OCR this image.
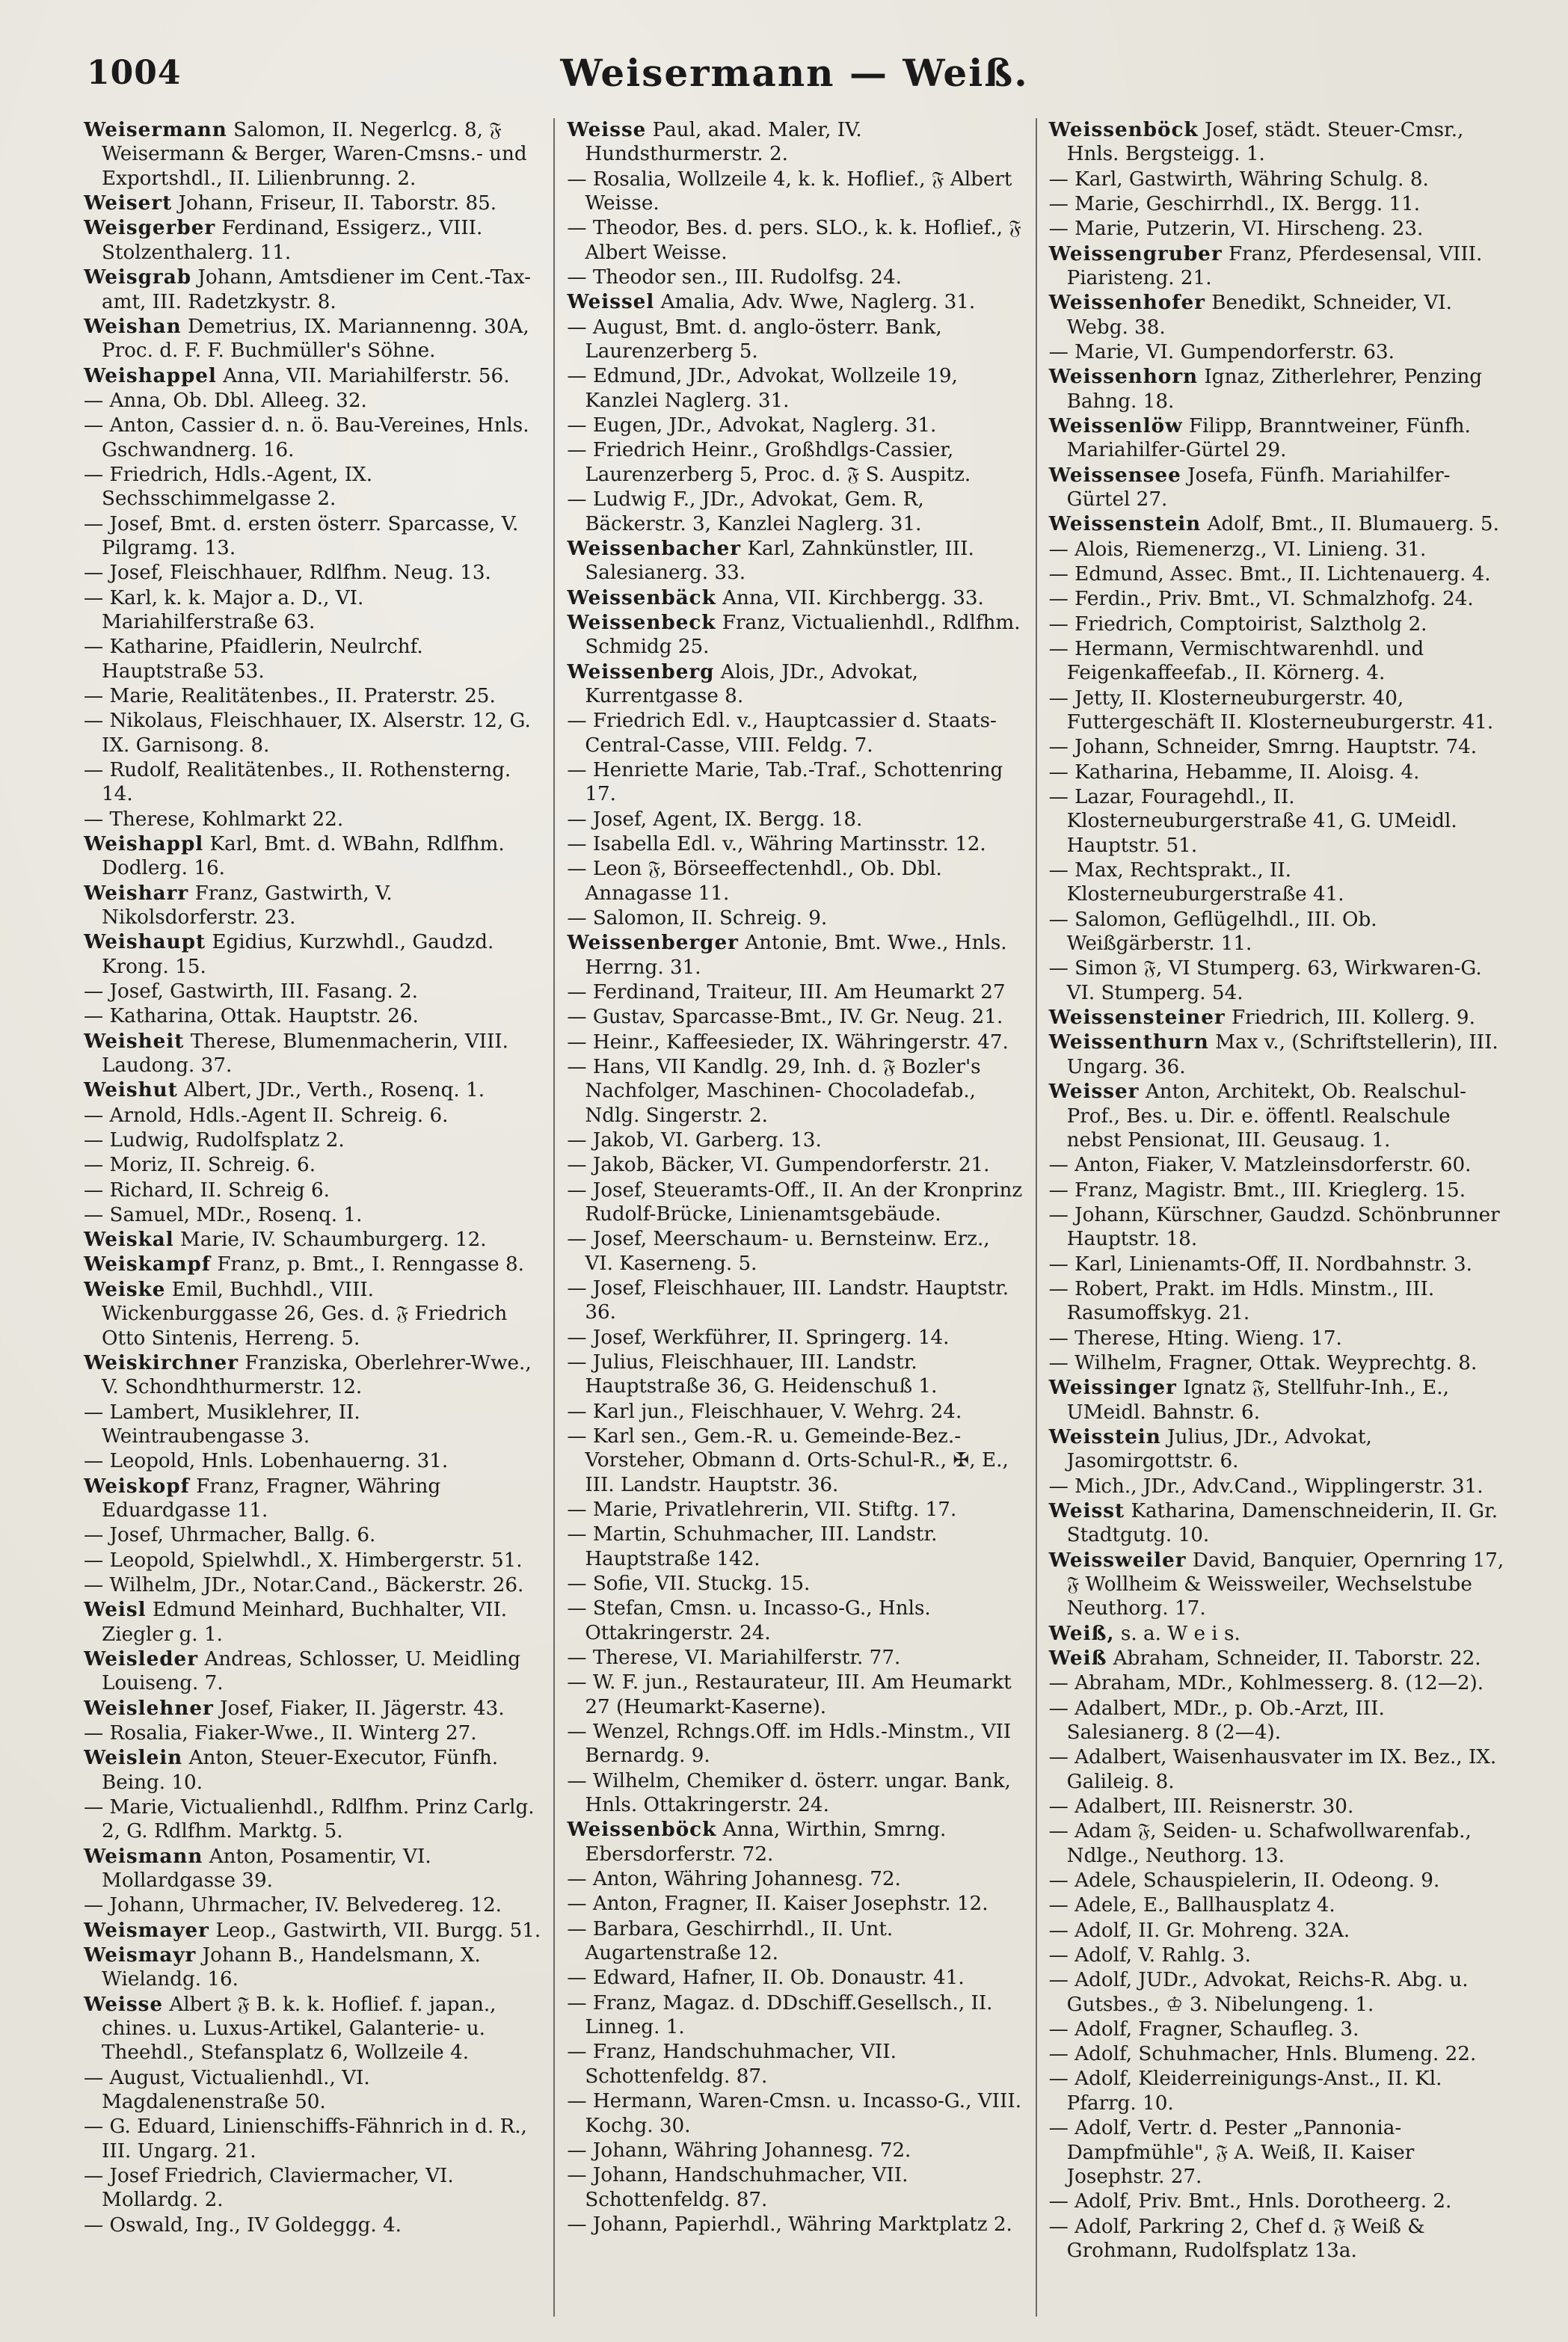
1004	Weisermann — Weiß.
Weisermann Salomon, II. Negerlcg. 8, 𝔉 Weisermann & Berger, Waren-Cmsns.- und Exportshdl., II. Lilienbrunng. 2.
Weisert Johann, Friseur, II. Taborstr. 85.
Weisgerber Ferdinand, Essigerz., VIII. Stolzenthalerg. 11.
Weisgrab Johann, Amtsdiener im Cent.-Tax-amt, III. Radetzkystr. 8.
Weishan Demetrius, IX. Mariannenng. 30A, Proc. d. F. F. Buchmüller's Söhne.
Weishappel Anna, VII. Mariahilferstr. 56.
— Anna, Ob. Dbl. Alleeg. 32.
— Anton, Cassier d. n. ö. Bau-Vereines, Hnls. Gschwandnerg. 16.
— Friedrich, Hdls.-Agent, IX. Sechsschimmelgasse 2.
— Josef, Bmt. d. ersten österr. Sparcasse, V. Pilgramg. 13.
— Josef, Fleischhauer, Rdlfhm. Neug. 13.
— Karl, k. k. Major a. D., VI. Mariahilferstraße 63.
— Katharine, Pfaidlerin, Neulrchf. Hauptstraße 53.
— Marie, Realitätenbes., II. Praterstr. 25.
— Nikolaus, Fleischhauer, IX. Alserstr. 12, G. IX. Garnisong. 8.
— Rudolf, Realitätenbes., II. Rothensterng. 14.
— Therese, Kohlmarkt 22.
Weishappl Karl, Bmt. d. WBahn, Rdlfhm. Dodlerg. 16.
Weisharr Franz, Gastwirth, V. Nikolsdorferstr. 23.
Weishaupt Egidius, Kurzwhdl., Gaudzd. Krong. 15.
— Josef, Gastwirth, III. Fasang. 2.
— Katharina, Ottak. Hauptstr. 26.
Weisheit Therese, Blumenmacherin, VIII. Laudong. 37.
Weishut Albert, JDr., Verth., Rosenq. 1.
— Arnold, Hdls.-Agent II. Schreig. 6.
— Ludwig, Rudolfsplatz 2.
— Moriz, II. Schreig. 6.
— Richard, II. Schreig 6.
— Samuel, MDr., Rosenq. 1.
Weiskal Marie, IV. Schaumburgerg. 12.
Weiskampf Franz, p. Bmt., I. Renngasse 8.
Weiske Emil, Buchhdl., VIII. Wickenburggasse 26, Ges. d. 𝔉 Friedrich Otto Sintenis, Herreng. 5.
Weiskirchner Franziska, Oberlehrer-Wwe., V. Schondhthurmerstr. 12.
— Lambert, Musiklehrer, II. Weintraubengasse 3.
— Leopold, Hnls. Lobenhauerng. 31.
Weiskopf Franz, Fragner, Währing Eduardgasse 11.
— Josef, Uhrmacher, Ballg. 6.
— Leopold, Spielwhdl., X. Himbergerstr. 51.
— Wilhelm, JDr., Notar.Cand., Bäckerstr. 26.
Weisl Edmund Meinhard, Buchhalter, VII. Ziegler g. 1.
Weisleder Andreas, Schlosser, U. Meidling Louiseng. 7.
Weislehner Josef, Fiaker, II. Jägerstr. 43.
— Rosalia, Fiaker-Wwe., II. Winterg 27.
Weislein Anton, Steuer-Executor, Fünfh. Being. 10.
— Marie, Victualienhdl., Rdlfhm. Prinz Carlg. 2, G. Rdlfhm. Marktg. 5.
Weismann Anton, Posamentir, VI. Mollardgasse 39.
— Johann, Uhrmacher, IV. Belvedereg. 12.
Weismayer Leop., Gastwirth, VII. Burgg. 51.
Weismayr Johann B., Handelsmann, X. Wielandg. 16.
Weisse Albert 𝔉 B. k. k. Hoflief. f. japan., chines. u. Luxus-Artikel, Galanterie- u. Theehdl., Stefansplatz 6, Wollzeile 4.
— August, Victualienhdl., VI. Magdalenenstraße 50.
— G. Eduard, Linienschiffs-Fähnrich in d. R., III. Ungarg. 21.
— Josef Friedrich, Claviermacher, VI. Mollardg. 2.
— Oswald, Ing., IV Goldeggg. 4.
Weisse Paul, akad. Maler, IV. Hundsthurmerstr. 2.
— Rosalia, Wollzeile 4, k. k. Hoflief., 𝔉 Albert Weisse.
— Theodor, Bes. d. pers. SLO., k. k. Hoflief., 𝔉 Albert Weisse.
— Theodor sen., III. Rudolfsg. 24.
Weissel Amalia, Adv. Wwe, Naglerg. 31.
— August, Bmt. d. anglo-österr. Bank, Laurenzerberg 5.
— Edmund, JDr., Advokat, Wollzeile 19, Kanzlei Naglerg. 31.
— Eugen, JDr., Advokat, Naglerg. 31.
— Friedrich Heinr., Großhdlgs-Cassier, Laurenzerberg 5, Proc. d. 𝔉 S. Auspitz.
— Ludwig F., JDr., Advokat, Gem. R, Bäckerstr. 3, Kanzlei Naglerg. 31.
Weissenbacher Karl, Zahnkünstler, III. Salesianerg. 33.
Weissenbäck Anna, VII. Kirchbergg. 33.
Weissenbeck Franz, Victualienhdl., Rdlfhm. Schmidg 25.
Weissenberg Alois, JDr., Advokat, Kurrentgasse 8.
— Friedrich Edl. v., Hauptcassier d. Staats-Central-Casse, VIII. Feldg. 7.
— Henriette Marie, Tab.-Traf., Schottenring 17.
— Josef, Agent, IX. Bergg. 18.
— Isabella Edl. v., Währing Martinsstr. 12.
— Leon 𝔉, Börseeffectenhdl., Ob. Dbl. Annagasse 11.
— Salomon, II. Schreig. 9.
Weissenberger Antonie, Bmt. Wwe., Hnls. Herrng. 31.
— Ferdinand, Traiteur, III. Am Heumarkt 27
— Gustav, Sparcasse-Bmt., IV. Gr. Neug. 21.
— Heinr., Kaffeesieder, IX. Währingerstr. 47.
— Hans, VII Kandlg. 29, Inh. d. 𝔉 Bozler's Nachfolger, Maschinen- Chocoladefab., Ndlg. Singerstr. 2.
— Jakob, VI. Garberg. 13.
— Jakob, Bäcker, VI. Gumpendorferstr. 21.
— Josef, Steueramts-Off., II. An der Kronprinz Rudolf-Brücke, Linienamtsgebäude.
— Josef, Meerschaum- u. Bernsteinw. Erz., VI. Kaserneng. 5.
— Josef, Fleischhauer, III. Landstr. Hauptstr. 36.
— Josef, Werkführer, II. Springerg. 14.
— Julius, Fleischhauer, III. Landstr. Hauptstraße 36, G. Heidenschuß 1.
— Karl jun., Fleischhauer, V. Wehrg. 24.
— Karl sen., Gem.-R. u. Gemeinde-Bez.-Vorsteher, Obmann d. Orts-Schul-R., ✠, E., III. Landstr. Hauptstr. 36.
— Marie, Privatlehrerin, VII. Stiftg. 17.
— Martin, Schuhmacher, III. Landstr. Hauptstraße 142.
— Sofie, VII. Stuckg. 15.
— Stefan, Cmsn. u. Incasso-G., Hnls. Ottakringerstr. 24.
— Therese, VI. Mariahilferstr. 77.
— W. F. jun., Restaurateur, III. Am Heumarkt 27 (Heumarkt-Kaserne).
— Wenzel, Rchngs.Off. im Hdls.-Minstm., VII Bernardg. 9.
— Wilhelm, Chemiker d. österr. ungar. Bank, Hnls. Ottakringerstr. 24.
Weissenböck Anna, Wirthin, Smrng. Ebersdorferstr. 72.
— Anton, Währing Johannesg. 72.
— Anton, Fragner, II. Kaiser Josephstr. 12.
— Barbara, Geschirrhdl., II. Unt. Augartenstraße 12.
— Edward, Hafner, II. Ob. Donaustr. 41.
— Franz, Magaz. d. DDschiff.Gesellsch., II. Linneg. 1.
— Franz, Handschuhmacher, VII. Schottenfeldg. 87.
— Hermann, Waren-Cmsn. u. Incasso-G., VIII. Kochg. 30.
— Johann, Währing Johannesg. 72.
— Johann, Handschuhmacher, VII. Schottenfeldg. 87.
— Johann, Papierhdl., Währing Marktplatz 2.
Weissenböck Josef, städt. Steuer-Cmsr., Hnls. Bergsteigg. 1.
— Karl, Gastwirth, Währing Schulg. 8.
— Marie, Geschirrhdl., IX. Bergg. 11.
— Marie, Putzerin, VI. Hirscheng. 23.
Weissengruber Franz, Pferdesensal, VIII. Piaristeng. 21.
Weissenhofer Benedikt, Schneider, VI. Webg. 38.
— Marie, VI. Gumpendorferstr. 63.
Weissenhorn Ignaz, Zitherlehrer, Penzing Bahng. 18.
Weissenlöw Filipp, Branntweiner, Fünfh. Mariahilfer-Gürtel 29.
Weissensee Josefa, Fünfh. Mariahilfer-Gürtel 27.
Weissenstein Adolf, Bmt., II. Blumauerg. 5.
— Alois, Riemenerzg., VI. Linieng. 31.
— Edmund, Assec. Bmt., II. Lichtenauerg. 4.
— Ferdin., Priv. Bmt., VI. Schmalzhofg. 24.
— Friedrich, Comptoirist, Salztholg 2.
— Hermann, Vermischtwarenhdl. und Feigenkaffeefab., II. Körnerg. 4.
— Jetty, II. Klosterneuburgerstr. 40, Futtergeschäft II. Klosterneuburgerstr. 41.
— Johann, Schneider, Smrng. Hauptstr. 74.
— Katharina, Hebamme, II. Aloisg. 4.
— Lazar, Fouragehdl., II. Klosterneuburgerstraße 41, G. UMeidl. Hauptstr. 51.
— Max, Rechtsprakt., II. Klosterneuburgerstraße 41.
— Salomon, Geflügelhdl., III. Ob. Weißgärberstr. 11.
— Simon 𝔉, VI Stumperg. 63, Wirkwaren-G. VI. Stumperg. 54.
Weissensteiner Friedrich, III. Kollerg. 9.
Weissenthurn Max v., (Schriftstellerin), III. Ungarg. 36.
Weisser Anton, Architekt, Ob. Realschul-Prof., Bes. u. Dir. e. öffentl. Realschule nebst Pensionat, III. Geusaug. 1.
— Anton, Fiaker, V. Matzleinsdorferstr. 60.
— Franz, Magistr. Bmt., III. Krieglerg. 15.
— Johann, Kürschner, Gaudzd. Schönbrunner Hauptstr. 18.
— Karl, Linienamts-Off, II. Nordbahnstr. 3.
— Robert, Prakt. im Hdls. Minstm., III. Rasumoffskyg. 21.
— Therese, Hting. Wieng. 17.
— Wilhelm, Fragner, Ottak. Weyprechtg. 8.
Weissinger Ignatz 𝔉, Stellfuhr-Inh., E., UMeidl. Bahnstr. 6.
Weisstein Julius, JDr., Advokat, Jasomirgottstr. 6.
— Mich., JDr., Adv.Cand., Wipplingerstr. 31.
Weisst Katharina, Damenschneiderin, II. Gr. Stadtgutg. 10.
Weissweiler David, Banquier, Opernring 17, 𝔉 Wollheim & Weissweiler, Wechselstube Neuthorg. 17.
Weiß, s. a. W e i s.
Weiß Abraham, Schneider, II. Taborstr. 22.
— Abraham, MDr., Kohlmesserg. 8. (12—2).
— Adalbert, MDr., p. Ob.-Arzt, III. Salesianerg. 8 (2—4).
— Adalbert, Waisenhausvater im IX. Bez., IX. Galileig. 8.
— Adalbert, III. Reisnerstr. 30.
— Adam 𝔉, Seiden- u. Schafwollwarenfab., Ndlge., Neuthorg. 13.
— Adele, Schauspielerin, II. Odeong. 9.
— Adele, E., Ballhausplatz 4.
— Adolf, II. Gr. Mohreng. 32A.
— Adolf, V. Rahlg. 3.
— Adolf, JUDr., Advokat, Reichs-R. Abg. u. Gutsbes., ♔ 3. Nibelungeng. 1.
— Adolf, Fragner, Schaufleg. 3.
— Adolf, Schuhmacher, Hnls. Blumeng. 22.
— Adolf, Kleiderreinigungs-Anst., II. Kl. Pfarrg. 10.
— Adolf, Vertr. d. Pester „Pannonia-Dampfmühle", 𝔉 A. Weiß, II. Kaiser Josephstr. 27.
— Adolf, Priv. Bmt., Hnls. Dorotheerg. 2.
— Adolf, Parkring 2, Chef d. 𝔉 Weiß & Grohmann, Rudolfsplatz 13a.
